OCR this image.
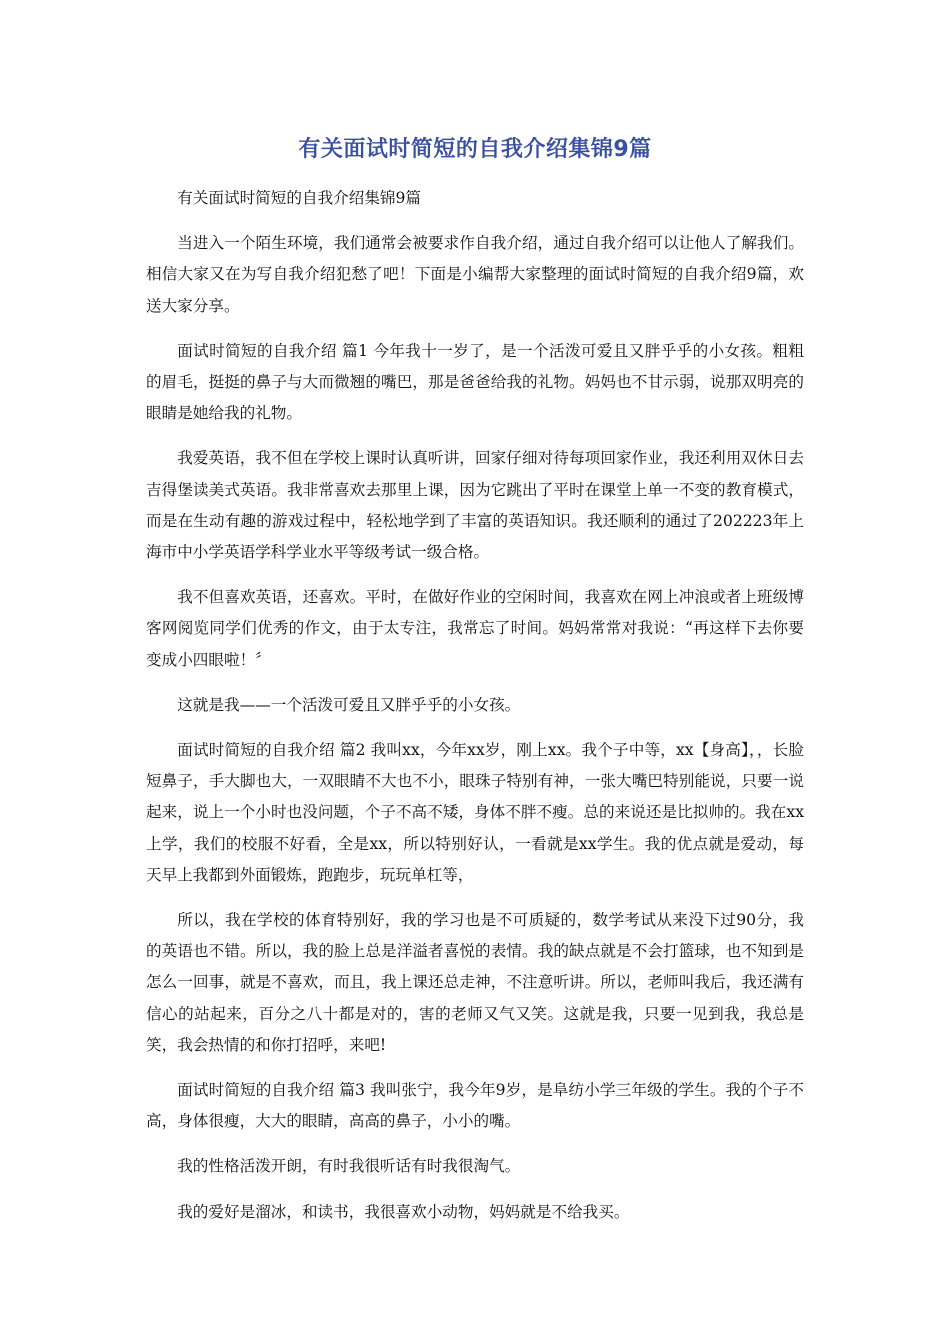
有关面试时简短的自我介绍集锦9篇

有关面试时简短的自我介绍集锦9篇

当进入一个陌生环境，我们通常会被要求作自我介绍，通过自我介绍可以让他人了解我们。相信大家又在为写自我介绍犯愁了吧！下面是小编帮大家整理的面试时简短的自我介绍9篇，欢送大家分享。

面试时简短的自我介绍 篇1 今年我十一岁了，是一个活泼可爱且又胖乎乎的小女孩。粗粗的眉毛，挺挺的鼻子与大而微翘的嘴巴，那是爸爸给我的礼物。妈妈也不甘示弱，说那双明亮的眼睛是她给我的礼物。

我爱英语，我不但在学校上课时认真听讲，回家仔细对待每项回家作业，我还利用双休日去吉得堡读美式英语。我非常喜欢去那里上课，因为它跳出了平时在课堂上单一不变的教育模式，而是在生动有趣的游戏过程中，轻松地学到了丰富的英语知识。我还顺利的通过了202223年上海市中小学英语学科学业水平等级考试一级合格。

我不但喜欢英语，还喜欢。平时，在做好作业的空闲时间，我喜欢在网上冲浪或者上班级博客网阅览同学们优秀的作文，由于太专注，我常忘了时间。妈妈常常对我说：“再这样下去你要变成小四眼啦！〞

这就是我——一个活泼可爱且又胖乎乎的小女孩。

面试时简短的自我介绍 篇2 我叫xx，今年xx岁，刚上xx。我个子中等，xx【身高】，，长脸短鼻子，手大脚也大，一双眼睛不大也不小，眼珠子特别有神，一张大嘴巴特别能说，只要一说起来，说上一个小时也没问题，个子不高不矮，身体不胖不瘦。总的来说还是比拟帅的。我在xx上学，我们的校服不好看，全是xx，所以特别好认，一看就是xx学生。我的优点就是爱动，每天早上我都到外面锻炼，跑跑步，玩玩单杠等，

所以，我在学校的体育特别好，我的学习也是不可质疑的，数学考试从来没下过90分，我的英语也不错。所以，我的脸上总是洋溢者喜悦的表情。我的缺点就是不会打篮球，也不知到是怎么一回事，就是不喜欢，而且，我上课还总走神，不注意听讲。所以，老师叫我后，我还满有信心的站起来，百分之八十都是对的，害的老师又气又笑。这就是我，只要一见到我，我总是笑，我会热情的和你打招呼，来吧!

面试时简短的自我介绍 篇3 我叫张宁，我今年9岁，是阜纺小学三年级的学生。我的个子不高，身体很瘦，大大的眼睛，高高的鼻子，小小的嘴。

我的性格活泼开朗，有时我很听话有时我很淘气。

我的爱好是溜冰，和读书，我很喜欢小动物，妈妈就是不给我买。
